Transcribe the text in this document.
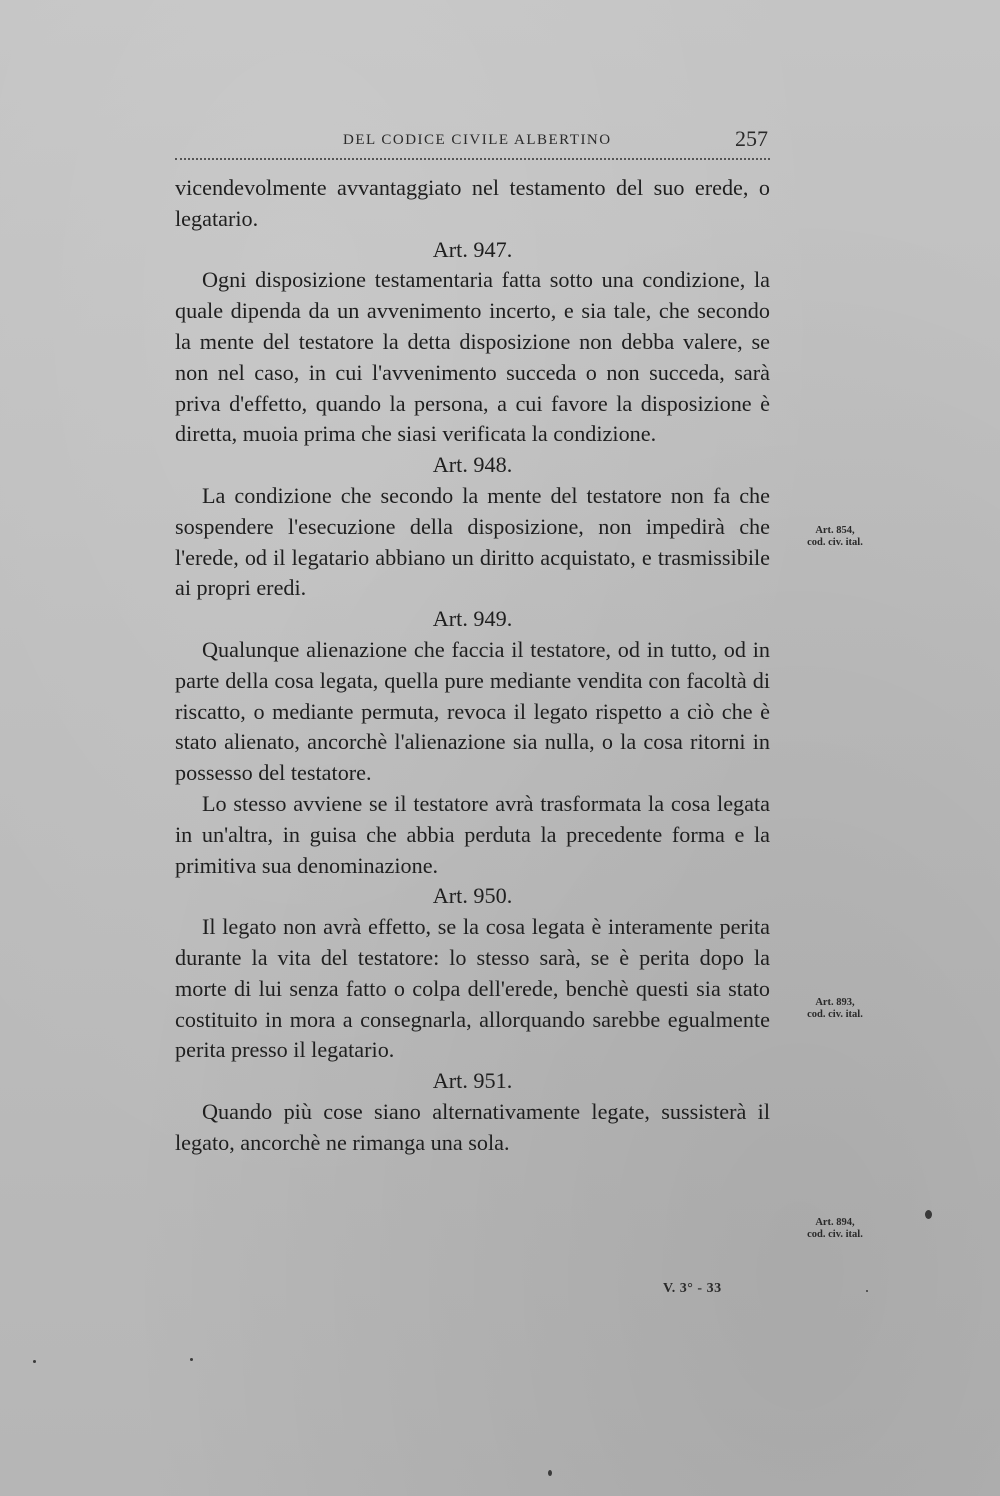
DEL CODICE CIVILE ALBERTINO	257

vicendevolmente avvantaggiato nel testamento del suo erede, o legatario.

Art. 947.

Ogni disposizione testamentaria fatta sotto una condizione, la quale dipenda da un avvenimento incerto, e sia tale, che secondo la mente del testatore la detta disposizione non debba valere, se non nel caso, in cui l'avvenimento succeda o non succeda, sarà priva d'effetto, quando la persona, a cui favore la disposizione è diretta, muoia prima che siasi verificata la condizione.

Art. 948.

La condizione che secondo la mente del testatore non fa che sospendere l'esecuzione della disposizione, non impedirà che l'erede, od il legatario abbiano un diritto acquistato, e trasmissibile ai propri eredi.

Art. 949.

Qualunque alienazione che faccia il testatore, od in tutto, od in parte della cosa legata, quella pure mediante vendita con facoltà di riscatto, o mediante permuta, revoca il legato rispetto a ciò che è stato alienato, ancorchè l'alienazione sia nulla, o la cosa ritorni in possesso del testatore.

Lo stesso avviene se il testatore avrà trasformata la cosa legata in un'altra, in guisa che abbia perduta la precedente forma e la primitiva sua denominazione.

Art. 950.

Il legato non avrà effetto, se la cosa legata è interamente perita durante la vita del testatore: lo stesso sarà, se è perita dopo la morte di lui senza fatto o colpa dell'erede, benchè questi sia stato costituito in mora a consegnarla, allorquando sarebbe egualmente perita presso il legatario.

Art. 951.

Quando più cose siano alternativamente legate, sussisterà il legato, ancorchè ne rimanga una sola.

Art. 854,
cod. civ. ital.
Art. 893,
cod. civ. ital.
Art. 894,
cod. civ. ital.
V. 3° - 33
